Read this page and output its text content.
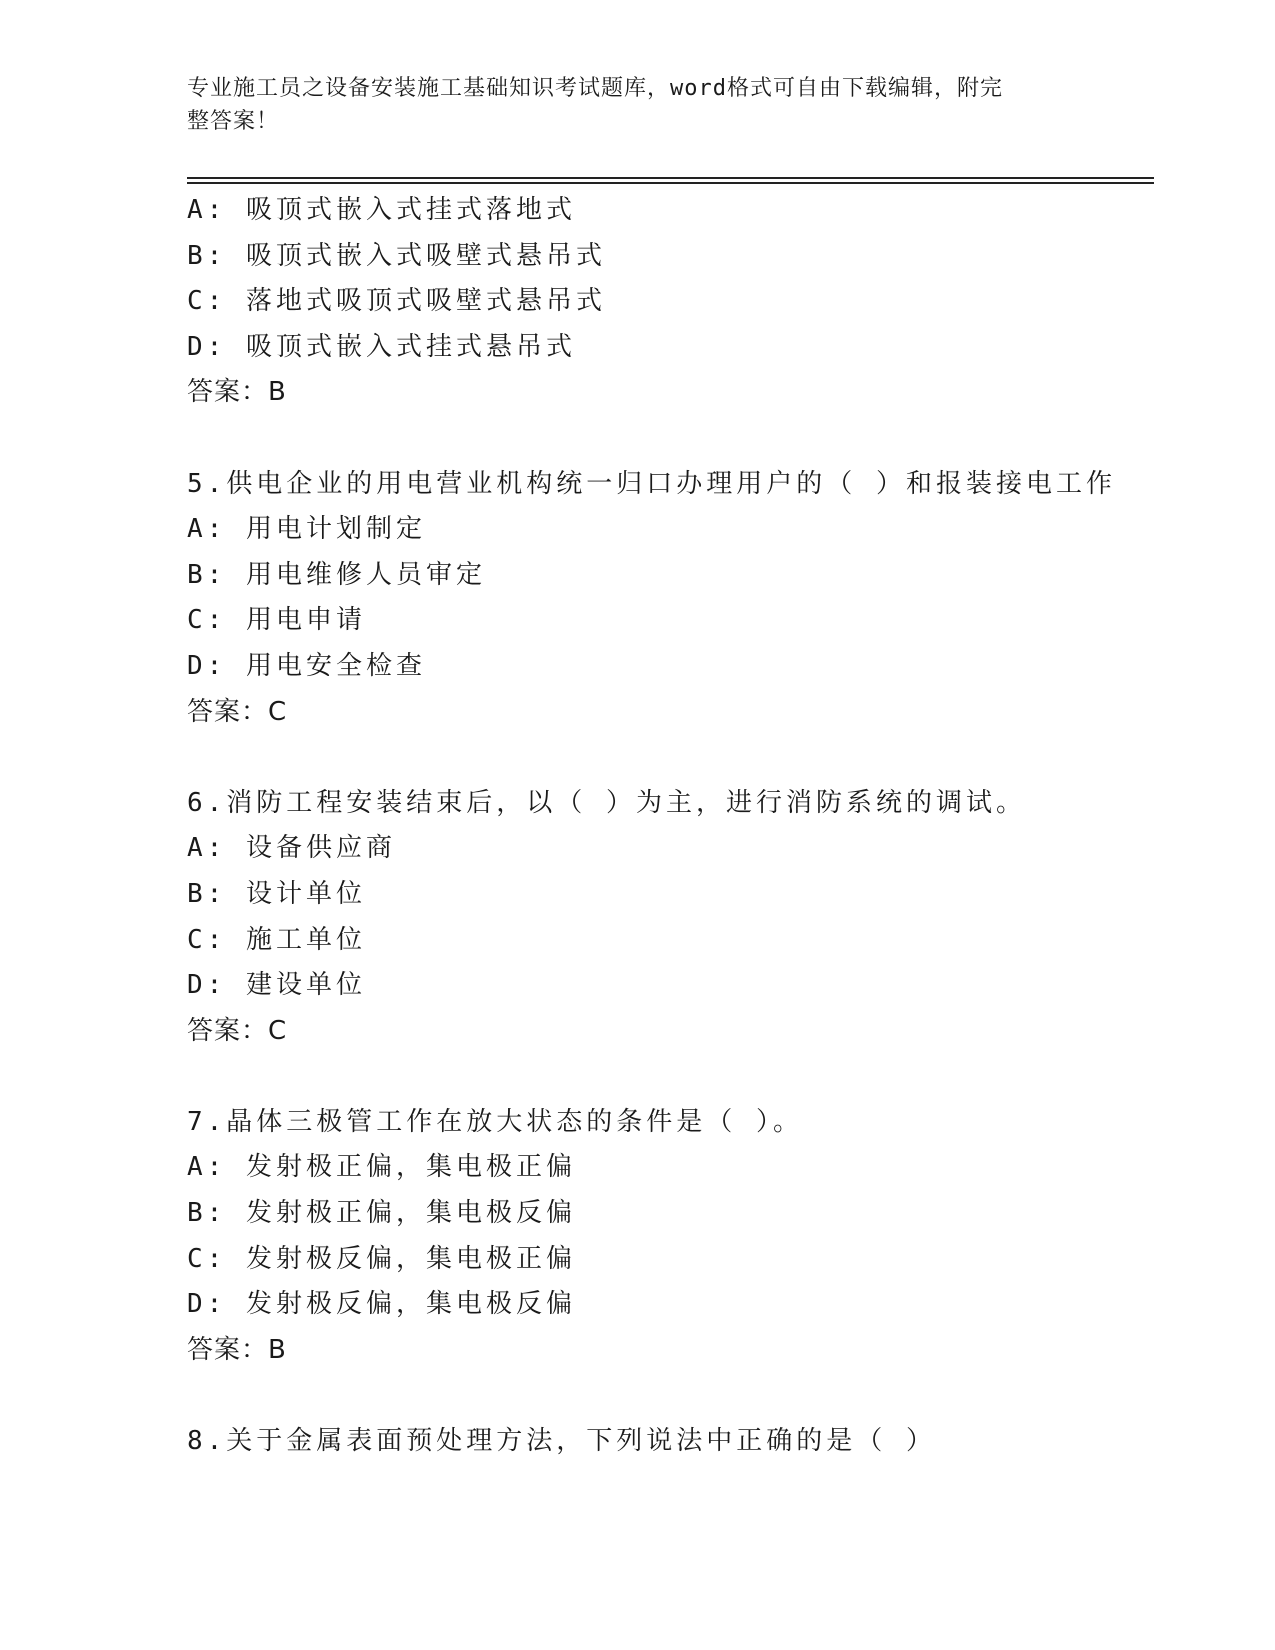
专业施工员之设备安装施工基础知识考试题库，word格式可自由下载编辑，附完
整答案！
A: 吸顶式嵌入式挂式落地式
B: 吸顶式嵌入式吸壁式悬吊式
C: 落地式吸顶式吸壁式悬吊式
D: 吸顶式嵌入式挂式悬吊式
答案：B
5.供电企业的用电营业机构统一归口办理用户的（ ）和报装接电工作
A: 用电计划制定
B: 用电维修人员审定
C: 用电申请
D: 用电安全检查
答案：C
6.消防工程安装结束后，以（ ）为主，进行消防系统的调试。
A: 设备供应商
B: 设计单位
C: 施工单位
D: 建设单位
答案：C
7.晶体三极管工作在放大状态的条件是（ ）。
A: 发射极正偏，集电极正偏
B: 发射极正偏，集电极反偏
C: 发射极反偏，集电极正偏
D: 发射极反偏，集电极反偏
答案：B
8.关于金属表面预处理方法，下列说法中正确的是（ ）
